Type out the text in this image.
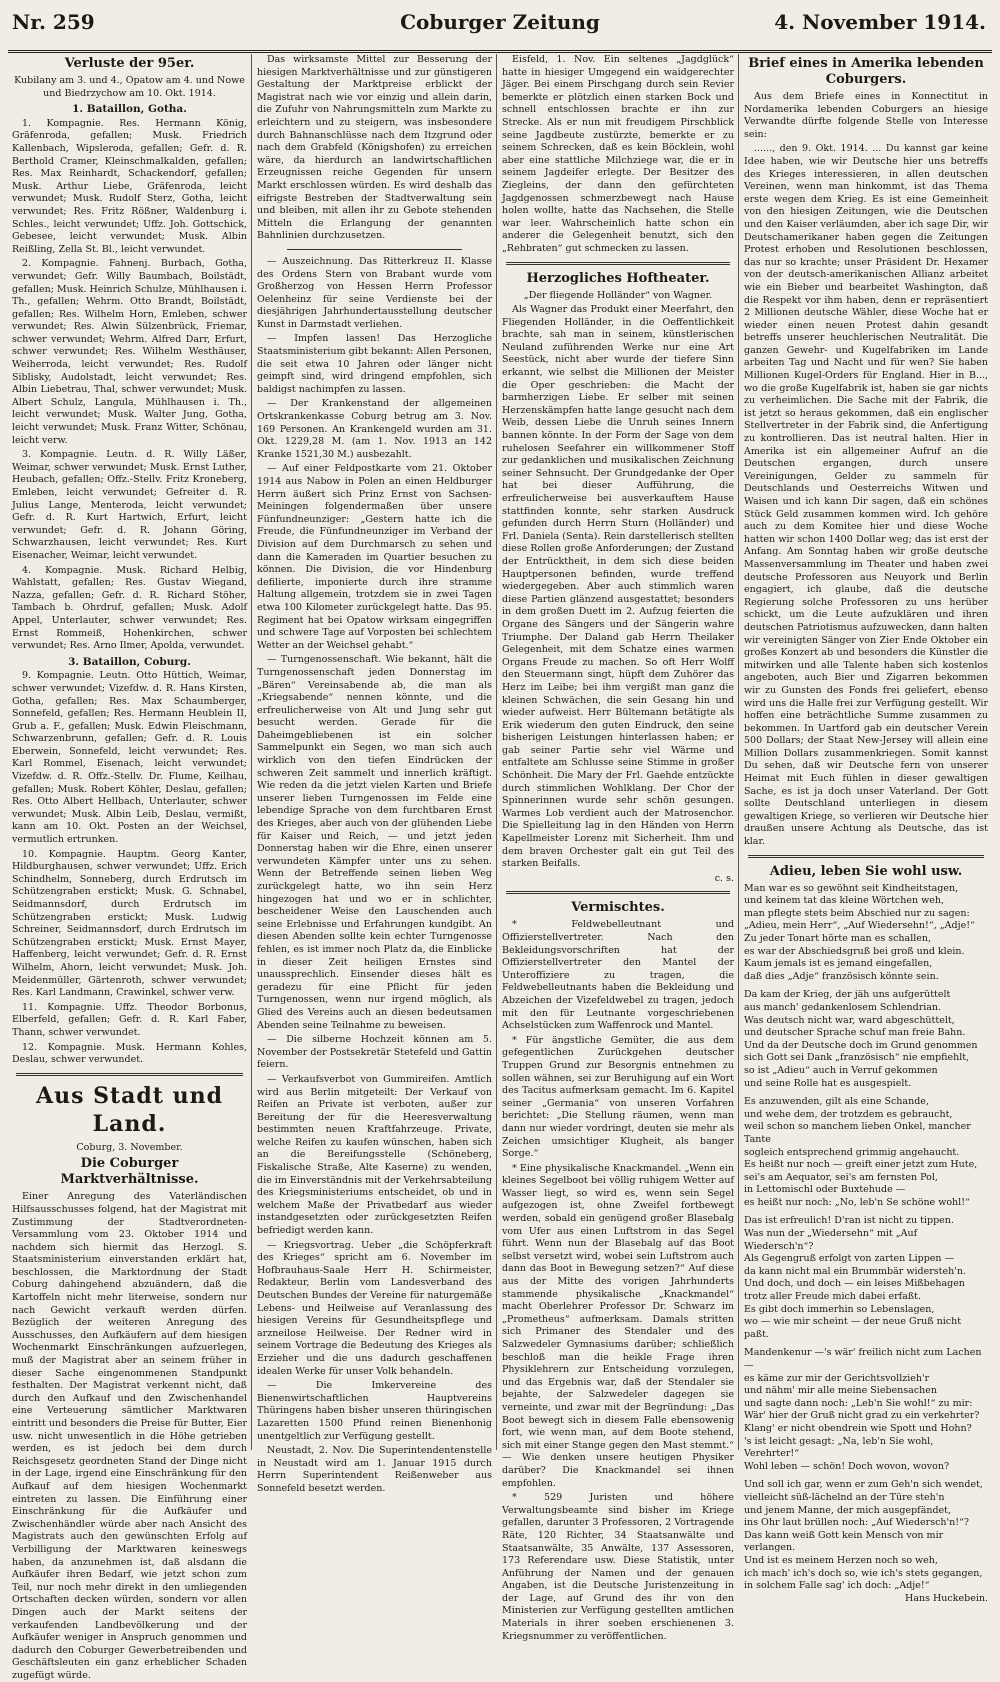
Nr. 259	Coburger Zeitung	4. November 1914.
Verluste der 95er.

Kubilany am 3. und 4., Opatow am 4. und Nowe und Biedrzychow am 10. Okt. 1914.

1. Bataillon, Gotha.

1. Kompagnie. Res. Hermann König, Gräfenroda, gefallen; Musk. Friedrich Kallenbach, Wipsleroda, gefallen; Gefr. d. R. Berthold Cramer, Kleinschmalkalden, gefallen; Res. Max Reinhardt, Schackendorf, gefallen; Musk. Arthur Liebe, Gräfenroda, leicht verwundet; Musk. Rudolf Sterz, Gotha, leicht verwundet; Res. Fritz Rößner, Waldenburg i. Schles., leicht verwundet; Uffz. Joh. Gottschick, Gebesee, leicht verwundet; Musk. Albin Reißling, Zella St. Bl., leicht verwundet.

2. Kompagnie. Fahnenj. Burbach, Gotha, verwundet; Gefr. Willy Baumbach, Boilstädt, gefallen; Musk. Heinrich Schulze, Mühlhausen i. Th., gefallen; Wehrm. Otto Brandt, Boilstädt, gefallen; Res. Wilhelm Horn, Emleben, schwer verwundet; Res. Alwin Sülzenbrück, Friemar, schwer verwundet; Wehrm. Alfred Darr, Erfurt, schwer verwundet; Res. Wilhelm Westhäuser, Weiherroda, leicht verwundet; Res. Rudolf Siblisky, Audolstadt, leicht verwundet; Res. Albin Liebetrau, Thal, schwer verwundet; Musk. Albert Schulz, Langula, Mühlhausen i. Th., leicht verwundet; Musk. Walter Jung, Gotha, leicht verwundet; Musk. Franz Witter, Schönau, leicht verw.

3. Kompagnie. Leutn. d. R. Willy Läßer, Weimar, schwer verwundet; Musk. Ernst Luther, Heubach, gefallen; Offz.-Stellv. Fritz Kroneberg, Emleben, leicht verwundet; Gefreiter d. R. Julius Lange, Menteroda, leicht verwundet; Gefr. d. R. Kurt Hartwich, Erfurt, leicht verwundet; Gefr. d. R. Johann Göring, Schwarzhausen, leicht verwundet; Res. Kurt Eisenacher, Weimar, leicht verwundet.

4. Kompagnie. Musk. Richard Helbig, Wahlstatt, gefallen; Res. Gustav Wiegand, Nazza, gefallen; Gefr. d. R. Richard Stöher, Tambach b. Ohrdruf, gefallen; Musk. Adolf Appel, Unterlauter, schwer verwundet; Res. Ernst Rommeiß, Hohenkirchen, schwer verwundet; Res. Arno Ilmer, Apolda, verwundet.

3. Bataillon, Coburg.

9. Kompagnie. Leutn. Otto Hüttich, Weimar, schwer verwundet; Vizefdw. d. R. Hans Kirsten, Gotha, gefallen; Res. Max Schaumberger, Sonnefeld, gefallen; Res. Hermann Heublein II, Grub a. F., gefallen; Musk. Edwin Fleischmann, Schwarzenbrunn, gefallen; Gefr. d. R. Louis Eberwein, Sonnefeld, leicht verwundet; Res. Karl Rommel, Eisenach, leicht verwundet; Vizefdw. d. R. Offz.-Stellv. Dr. Flume, Keilhau, gefallen; Musk. Robert Köhler, Deslau, gefallen; Res. Otto Albert Hellbach, Unterlauter, schwer verwundet; Musk. Albin Leib, Deslau, vermißt, kann am 10. Okt. Posten an der Weichsel, vermutlich ertrunken.

10. Kompagnie. Hauptm. Georg Kanter, Hildburghausen, schwer verwundet; Uffz. Erich Schindhelm, Sonneberg, durch Erdrutsch im Schützengraben erstickt; Musk. G. Schnabel, Seidmannsdorf, durch Erdrutsch im Schützengraben erstickt; Musk. Ludwig Schreiner, Seidmannsdorf, durch Erdrutsch im Schützengraben erstickt; Musk. Ernst Mayer, Haffenberg, leicht verwundet; Gefr. d. R. Ernst Wilhelm, Ahorn, leicht verwundet; Musk. Joh. Meidenmüller, Gärtenroth, schwer verwundet; Res. Karl Landmann, Crawinkel, schwer verw.

11. Kompagnie. Uffz. Theodor Borbonus, Elberfeld, gefallen; Gefr. d. R. Karl Faber, Thann, schwer verwundet.

12. Kompagnie. Musk. Hermann Kohles, Deslau, schwer verwundet.

Aus Stadt und Land.

Coburg, 3. November.

Die Coburger Marktverhältnisse.

Einer Anregung des Vaterländischen Hilfsausschusses folgend, hat der Magistrat mit Zustimmung der Stadtverordneten-Versammlung vom 23. Oktober 1914 und nachdem sich hiermit das Herzogl. S. Staatsministerium einverstanden erklärt hat, beschlossen, die Marktordnung der Stadt Coburg dahingehend abzuändern, daß die Kartoffeln nicht mehr literweise, sondern nur nach Gewicht verkauft werden dürfen. Bezüglich der weiteren Anregung des Ausschusses, den Aufkäufern auf dem hiesigen Wochenmarkt Einschränkungen aufzuerlegen, muß der Magistrat aber an seinem früher in dieser Sache eingenommenen Standpunkt festhalten. Der Magistrat verkennt nicht, daß durch den Aufkauf und den Zwischenhandel eine Verteuerung sämtlicher Marktwaren eintritt und besonders die Preise für Butter, Eier usw. nicht unwesentlich in die Höhe getrieben werden, es ist jedoch bei dem durch Reichsgesetz geordneten Stand der Dinge nicht in der Lage, irgend eine Einschränkung für den Aufkauf auf dem hiesigen Wochenmarkt eintreten zu lassen. Die Einführung einer Einschränkung für die Aufkäufer und Zwischenhändler würde aber nach Ansicht des Magistrats auch den gewünschten Erfolg auf Verbilligung der Marktwaren keineswegs haben, da anzunehmen ist, daß alsdann die Aufkäufer ihren Bedarf, wie jetzt schon zum Teil, nur noch mehr direkt in den umliegenden Ortschaften decken würden, sondern vor allen Dingen auch der Markt seitens der verkaufenden Landbevölkerung und der Aufkäufer weniger in Anspruch genommen und dadurch den Coburger Gewerbetreibenden und Geschäftsleuten ein ganz erheblicher Schaden zugefügt würde.

Das wirksamste Mittel zur Besserung der hiesigen Marktverhältnisse und zur günstigeren Gestaltung der Marktpreise erblickt der Magistrat nach wie vor einzig und allein darin, die Zufuhr von Nahrungsmitteln zum Markte zu erleichtern und zu steigern, was insbesondere durch Bahnanschlüsse nach dem Itzgrund oder nach dem Grabfeld (Königshofen) zu erreichen wäre, da hierdurch an landwirtschaftlichen Erzeugnissen reiche Gegenden für unsern Markt erschlossen würden. Es wird deshalb das eifrigste Bestreben der Stadtverwaltung sein und bleiben, mit allen ihr zu Gebote stehenden Mitteln die Erlangung der genannten Bahnlinien durchzusetzen.

— Auszeichnung. Das Ritterkreuz II. Klasse des Ordens Stern von Brabant wurde vom Großherzog von Hessen Herrn Professor Oelenheinz für seine Verdienste bei der diesjährigen Jahrhundertausstellung deutscher Kunst in Darmstadt verliehen.

— Impfen lassen! Das Herzogliche Staatsministerium gibt bekannt: Allen Personen, die seit etwa 10 Jahren oder länger nicht geimpft sind, wird dringend empfohlen, sich baldigst nachimpfen zu lassen.

— Der Krankenstand der allgemeinen Ortskrankenkasse Coburg betrug am 3. Nov. 169 Personen. An Krankengeld wurden am 31. Okt. 1229,28 M. (am 1. Nov. 1913 an 142 Kranke 1521,30 M.) ausbezahlt.

— Auf einer Feldpostkarte vom 21. Oktober 1914 aus Nabow in Polen an einen Heldburger Herrn äußert sich Prinz Ernst von Sachsen-Meiningen folgendermaßen über unsere Fünfundneunziger: „Gestern hatte ich die Freude, die Fünfundneunziger im Verband der Division auf dem Durchmarsch zu sehen und dann die Kameraden im Quartier besuchen zu können. Die Division, die vor Hindenburg defilierte, imponierte durch ihre stramme Haltung allgemein, trotzdem sie in zwei Tagen etwa 100 Kilometer zurückgelegt hatte. Das 95. Regiment hat bei Opatow wirksam eingegriffen und schwere Tage auf Vorposten bei schlechtem Wetter an der Weichsel gehabt.“

— Turngenossenschaft. Wie bekannt, hält die Turngenossenschaft jeden Donnerstag im „Bären“ Vereinsabende ab, die man als „Kriegsabende“ nennen könnte, und die erfreulicherweise von Alt und Jung sehr gut besucht werden. Gerade für die Daheimgebliebenen ist ein solcher Sammelpunkt ein Segen, wo man sich auch wirklich von den tiefen Eindrücken der schweren Zeit sammelt und innerlich kräftigt. Wie reden da die jetzt vielen Karten und Briefe unserer lieben Turngenossen im Felde eine lebendige Sprache von dem furchtbaren Ernst des Krieges, aber auch von der glühenden Liebe für Kaiser und Reich, — und jetzt jeden Donnerstag haben wir die Ehre, einen unserer verwundeten Kämpfer unter uns zu sehen. Wenn der Betreffende seinen lieben Weg zurückgelegt hatte, wo ihn sein Herz hingezogen hat und wo er in schlichter, bescheidener Weise den Lauschenden auch seine Erlebnisse und Erfahrungen kundgibt. An diesen Abenden sollte kein echter Turngenosse fehlen, es ist immer noch Platz da, die Einblicke in dieser Zeit heiligen Ernstes sind unaussprechlich. Einsender dieses hält es geradezu für eine Pflicht für jeden Turngenossen, wenn nur irgend möglich, als Glied des Vereins auch an diesen bedeutsamen Abenden seine Teilnahme zu beweisen.

— Die silberne Hochzeit können am 5. November der Postsekretär Stetefeld und Gattin feiern.

— Verkaufsverbot von Gummireifen. Amtlich wird aus Berlin mitgeteilt: Der Verkauf von Reifen an Private ist verboten, außer zur Bereitung der für die Heeresverwaltung bestimmten neuen Kraftfahrzeuge. Private, welche Reifen zu kaufen wünschen, haben sich an die Bereifungsstelle (Schöneberg, Fiskalische Straße, Alte Kaserne) zu wenden, die im Einverständnis mit der Verkehrsabteilung des Kriegsministeriums entscheidet, ob und in welchem Maße der Privatbedarf aus wieder instandgesetzten oder zurückgesetzten Reifen befriedigt werden kann.

— Kriegsvortrag. Ueber „die Schöpferkraft des Krieges“ spricht am 6. November im Hofbrauhaus-Saale Herr H. Schirmeister, Redakteur, Berlin vom Landesverband des Deutschen Bundes der Vereine für naturgemäße Lebens- und Heilweise auf Veranlassung des hiesigen Vereins für Gesundheitspflege und arzneilose Heilweise. Der Redner wird in seinem Vortrage die Bedeutung des Krieges als Erzieher und die uns dadurch geschaffenen idealen Werke für unser Volk behandeln.

— Die Imkervereine des Bienenwirtschaftlichen Hauptvereins Thüringens haben bisher unseren thüringischen Lazaretten 1500 Pfund reinen Bienenhonig unentgeltlich zur Verfügung gestellt.

Neustadt, 2. Nov. Die Superintendentenstelle in Neustadt wird am 1. Januar 1915 durch Herrn Superintendent Reißenweber aus Sonnefeld besetzt werden.

Eisfeld, 1. Nov. Ein seltenes „Jagdglück“ hatte in hiesiger Umgegend ein waidgerechter Jäger. Bei einem Pirschgang durch sein Revier bemerkte er plötzlich einen starken Bock und schnell entschlossen brachte er ihn zur Strecke. Als er nun mit freudigem Pirschblick seine Jagdbeute zustürzte, bemerkte er zu seinem Schrecken, daß es kein Böcklein, wohl aber eine stattliche Milchziege war, die er in seinem Jagdeifer erlegte. Der Besitzer des Ziegleins, der dann den gefürchteten Jagdgenossen schmerzbewegt nach Hause holen wollte, hatte das Nachsehen, die Stelle war leer. Wahrscheinlich hatte schon ein anderer die Gelegenheit benutzt, sich den „Rehbraten“ gut schmecken zu lassen.

Herzogliches Hoftheater.

„Der fliegende Holländer“ von Wagner.

Als Wagner das Produkt einer Meerfahrt, den Fliegenden Holländer, in die Oeffentlichkeit brachte, sah man in seinem, künstlerischen Neuland zuführenden Werke nur eine Art Seestück, nicht aber wurde der tiefere Sinn erkannt, wie selbst die Millionen der Meister die Oper geschrieben: die Macht der barmherzigen Liebe. Er selber mit seinen Herzenskämpfen hatte lange gesucht nach dem Weib, dessen Liebe die Unruh seines Innern bannen könnte. In der Form der Sage von dem ruhelosen Seefahrer ein willkommener Stoff zur gedanklichen und musikalischen Zeichnung seiner Sehnsucht. Der Grundgedanke der Oper hat bei dieser Aufführung, die erfreulicherweise bei ausverkauftem Hause stattfinden konnte, sehr starken Ausdruck gefunden durch Herrn Sturn (Holländer) und Frl. Daniela (Senta). Rein darstellerisch stellten diese Rollen große Anforderungen; der Zustand der Entrücktheit, in dem sich diese beiden Hauptpersonen befinden, wurde treffend wiedergegeben. Aber auch stimmlich waren diese Partien glänzend ausgestattet; besonders in dem großen Duett im 2. Aufzug feierten die Organe des Sängers und der Sängerin wahre Triumphe. Der Daland gab Herrn Theilaker Gelegenheit, mit dem Schatze eines warmen Organs Freude zu machen. So oft Herr Wolff den Steuermann singt, hüpft dem Zuhörer das Herz im Leibe; bei ihm vergißt man ganz die kleinen Schwächen, die sein Gesang hin und wieder aufweist. Herr Bültemann betätigte als Erik wiederum den guten Eindruck, den seine bisherigen Leistungen hinterlassen haben; er gab seiner Partie sehr viel Wärme und entfaltete am Schlusse seine Stimme in großer Schönheit. Die Mary der Frl. Gaehde entzückte durch stimmlichen Wohlklang. Der Chor der Spinnerinnen wurde sehr schön gesungen. Warmes Lob verdient auch der Matrosenchor. Die Spielleitung lag in den Händen von Herrn Kapellmeister Lorenz mit Sicherheit. Ihm und dem braven Orchester galt ein gut Teil des starken Beifalls.

c. s.

Vermischtes.

* Feldwebelleutnant und Offizierstellvertreter. Nach den Bekleidungsvorschriften hat der Offizierstellvertreter den Mantel der Unteroffiziere zu tragen, die Feldwebelleutnants haben die Bekleidung und Abzeichen der Vizefeldwebel zu tragen, jedoch mit den für Leutnante vorgeschriebenen Achselstücken zum Waffenrock und Mantel.

* Für ängstliche Gemüter, die aus dem gefegentlichen Zurückgehen deutscher Truppen Grund zur Besorgnis entnehmen zu sollen wähnen, sei zur Beruhigung auf ein Wort des Tacitus aufmerksam gemacht. Im 6. Kapitel seiner „Germania“ von unseren Vorfahren berichtet: „Die Stellung räumen, wenn man dann nur wieder vordringt, deuten sie mehr als Zeichen umsichtiger Klugheit, als banger Sorge.“

* Eine physikalische Knackmandel. „Wenn ein kleines Segelboot bei völlig ruhigem Wetter auf Wasser liegt, so wird es, wenn sein Segel aufgezogen ist, ohne Zweifel fortbewegt werden, sobald ein genügend großer Blasebalg vom Ufer aus einen Luftstrom in das Segel führt. Wenn nun der Blasebalg auf das Boot selbst versetzt wird, wobei sein Luftstrom auch dann das Boot in Bewegung setzen?“ Auf diese aus der Mitte des vorigen Jahrhunderts stammende physikalische „Knackmandel“ macht Oberlehrer Professor Dr. Schwarz im „Prometheus“ aufmerksam. Damals stritten sich Primaner des Stendaler und des Salzwedeler Gymnasiums darüber; schließlich beschloß man die heikle Frage ihren Physiklehrern zur Entscheidung vorzulegen, und das Ergebnis war, daß der Stendaler sie bejahte, der Salzwedeler dagegen sie verneinte, und zwar mit der Begründung: „Das Boot bewegt sich in diesem Falle ebensowenig fort, wie wenn man, auf dem Boote stehend, sich mit einer Stange gegen den Mast stemmt.“ — Wie denken unsere heutigen Physiker darüber? Die Knackmandel sei ihnen empfohlen.

* 529 Juristen und höhere Verwaltungsbeamte sind bisher im Kriege gefallen, darunter 3 Professoren, 2 Vortragende Räte, 120 Richter, 34 Staatsanwälte und Staatsanwälte, 35 Anwälte, 137 Assessoren, 173 Referendare usw. Diese Statistik, unter Anführung der Namen und der genauen Angaben, ist die Deutsche Juristenzeitung in der Lage, auf Grund des ihr von den Ministerien zur Verfügung gestellten amtlichen Materials in ihrer soeben erschienenen 3. Kriegsnummer zu veröffentlichen.

Brief eines in Amerika lebenden Coburgers.

Aus dem Briefe eines in Konnectitut in Nordamerika lebenden Coburgers an hiesige Verwandte dürfte folgende Stelle von Interesse sein:

......, den 9. Okt. 1914. ... Du kannst gar keine Idee haben, wie wir Deutsche hier uns betreffs des Krieges interessieren, in allen deutschen Vereinen, wenn man hinkommt, ist das Thema erste wegen dem Krieg. Es ist eine Gemeinheit von den hiesigen Zeitungen, wie die Deutschen und den Kaiser verläumden, aber ich sage Dir, wir Deutschamerikaner haben gegen die Zeitungen Protest erhoben und Resolutionen beschlossen, das nur so krachte; unser Präsident Dr. Hexamer von der deutsch-amerikanischen Allianz arbeitet wie ein Bieber und bearbeitet Washington, daß die Respekt vor ihm haben, denn er repräsentiert 2 Millionen deutsche Wähler, diese Woche hat er wieder einen neuen Protest dahin gesandt betreffs unserer heuchlerischen Neutralität. Die ganzen Gewehr- und Kugelfabriken im Lande arbeiten Tag und Nacht und für wen? Sie haben Millionen Kugel-Orders für England. Hier in B..., wo die große Kugelfabrik ist, haben sie gar nichts zu verheimlichen. Die Sache mit der Fabrik, die ist jetzt so heraus gekommen, daß ein englischer Stellvertreter in der Fabrik sind, die Anfertigung zu kontrollieren. Das ist neutral halten. Hier in Amerika ist ein allgemeiner Aufruf an die Deutschen ergangen, durch unsere Vereinigungen, Gelder zu sammeln für Deutschlands und Oesterreichs Witwen und Waisen und ich kann Dir sagen, daß ein schönes Stück Geld zusammen kommen wird. Ich gehöre auch zu dem Komitee hier und diese Woche hatten wir schon 1400 Dollar weg; das ist erst der Anfang. Am Sonntag haben wir große deutsche Massenversammlung im Theater und haben zwei deutsche Professoren aus Neuyork und Berlin engagiert, ich glaube, daß die deutsche Regierung solche Professoren zu uns herüber schickt, um die Leute aufzuklären und ihren deutschen Patriotismus aufzuwecken, dann halten wir vereinigten Sänger von Zier Ende Oktober ein großes Konzert ab und besonders die Künstler die mitwirken und alle Talente haben sich kostenlos angeboten, auch Bier und Zigarren bekommen wir zu Gunsten des Fonds frei geliefert, ebenso wird uns die Halle frei zur Verfügung gestellt. Wir hoffen eine beträchtliche Summe zusammen zu bekommen. In Uartford gab ein deutscher Verein 500 Dollars; der Staat New-Jersey will allein eine Million Dollars zusammenkriegen. Somit kannst Du sehen, daß wir Deutsche fern von unserer Heimat mit Euch fühlen in dieser gewaltigen Sache, es ist ja doch unser Vaterland. Der Gott sollte Deutschland unterliegen in diesem gewaltigen Kriege, so verlieren wir Deutsche hier draußen unsere Achtung als Deutsche, das ist klar.

Adieu, leben Sie wohl usw.

Man war es so gewöhnt seit Kindheitstagen,

und keinem tat das kleine Wörtchen weh,

man pflegte stets beim Abschied nur zu sagen:

„Adieu, mein Herr“, „Auf Wiedersehn!“, „Adje!“

Zu jeder Tonart hörte man es schallen,

es war der Abschiedsgruß bei groß und klein.

Kaum jemals ist es jemand eingefallen,

daß dies „Adje“ französisch könnte sein.

Da kam der Krieg, der jäh uns aufgerüttelt

aus manch' gedankenlosem Schlendrian.

Was deutsch nicht war, ward abgeschüttelt,

und deutscher Sprache schuf man freie Bahn.

Und da der Deutsche doch im Grund genommen

sich Gott sei Dank „französisch“ nie empfiehlt,

so ist „Adieu“ auch in Verruf gekommen

und seine Rolle hat es ausgespielt.

Es anzuwenden, gilt als eine Schande,

und wehe dem, der trotzdem es gebraucht,

weil schon so manchem lieben Onkel, mancher Tante

sogleich entsprechend grimmig angehaucht.

Es heißt nur noch — greift einer jetzt zum Hute,

sei's am Aequator, sei's am fernsten Pol,

in Lettomischl oder Buxtehude —

es heißt nur noch: „No, leb'n Se schöne wohl!“

Das ist erfreulich! D'ran ist nicht zu tippen.

Was nun der „Wiedersehn“ mit „Auf Wiedersch'n“?

Als Gegengruß erfolgt von zarten Lippen —

da kann nicht mal ein Brummbär widersteh'n.

Und doch, und doch — ein leises Mißbehagen

trotz aller Freude mich dabei erfaßt.

Es gibt doch immerhin so Lebenslagen,

wo — wie mir scheint — der neue Gruß nicht paßt.

Mandenkenur —'s wär' freilich nicht zum Lachen —

es käme zur mir der Gerichtsvollzieh'r

und nähm' mir alle meine Siebensachen

und sagte dann noch: „Leb'n Sie wohl!“ zu mir:

Wär' hier der Gruß nicht grad zu ein verkehrter?

Klang' er nicht obendrein wie Spott und Hohn?

's ist leicht gesagt: „Na, leb'n Sie wohl, Verehrter!“

Wohl leben — schön! Doch wovon, wovon?

Und soll ich gar, wenn er zum Geh'n sich wendet,

vielleicht süß-lächelnd an der Türe steh'n

und jenem Manne, der mich ausgepfändet,

ins Ohr laut brüllen noch: „Auf Wiedersch'n!“?

Das kann weiß Gott kein Mensch von mir verlangen.

Und ist es meinem Herzen noch so weh,

ich mach' ich's doch so, wie ich's stets gegangen,

in solchem Falle sag' ich doch: „Adje!“

Hans Huckebein.
